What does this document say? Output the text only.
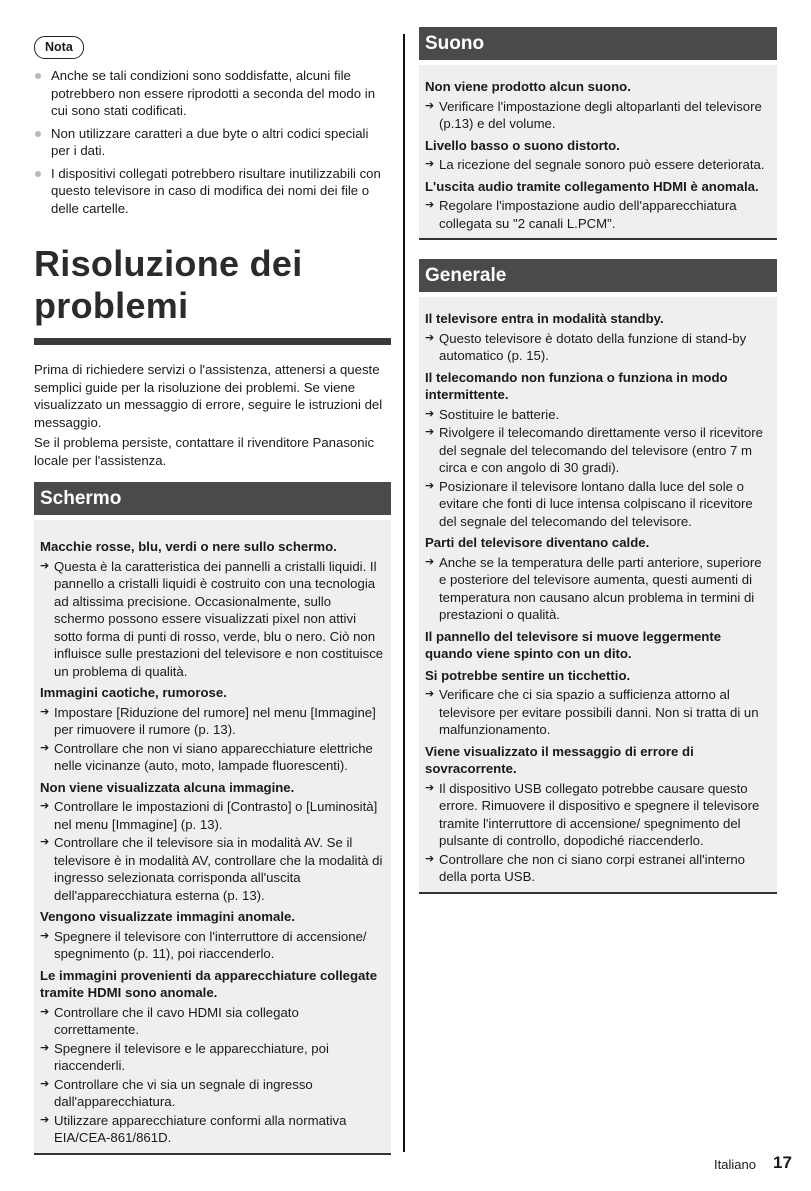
Nota
Anche se tali condizioni sono soddisfatte, alcuni file potrebbero non essere riprodotti a seconda del modo in cui sono stati codificati.
Non utilizzare caratteri a due byte o altri codici speciali per i dati.
I dispositivi collegati potrebbero risultare inutilizzabili con questo televisore in caso di modifica dei nomi dei file o delle cartelle.
Risoluzione dei
problemi

Prima di richiedere servizi o l'assistenza, attenersi a queste semplici guide per la risoluzione dei problemi. Se viene visualizzato un messaggio di errore, seguire le istruzioni del messaggio.

Se il problema persiste, contattare il rivenditore Panasonic locale per l'assistenza.

Schermo
Macchie rosse, blu, verdi o nere sullo schermo.
➔ Questa è la caratteristica dei pannelli a cristalli liquidi. Il pannello a cristalli liquidi è costruito con una tecnologia ad altissima precisione. Occasionalmente, sullo schermo possono essere visualizzati pixel non attivi sotto forma di punti di rosso, verde, blu o nero. Ciò non influisce sulle prestazioni del televisore e non costituisce un problema di qualità.
Immagini caotiche, rumorose.
➔ Impostare [Riduzione del rumore] nel menu [Immagine] per rimuovere il rumore (p. 13).
➔ Controllare che non vi siano apparecchiature elettriche nelle vicinanze (auto, moto, lampade fluorescenti).
Non viene visualizzata alcuna immagine.
➔ Controllare le impostazioni di [Contrasto] o [Luminosità] nel menu [Immagine] (p. 13).
➔ Controllare che il televisore sia in modalità AV. Se il televisore è in modalità AV, controllare che la modalità di ingresso selezionata corrisponda all'uscita dell'apparecchiatura esterna (p. 13).
Vengono visualizzate immagini anomale.
➔ Spegnere il televisore con l'interruttore di accensione/ spegnimento (p. 11), poi riaccenderlo.
Le immagini provenienti da apparecchiature collegate tramite HDMI sono anomale.
➔ Controllare che il cavo HDMI sia collegato correttamente.
➔ Spegnere il televisore e le apparecchiature, poi riaccenderli.
➔ Controllare che vi sia un segnale di ingresso dall'apparecchiatura.
➔ Utilizzare apparecchiature conformi alla normativa EIA/CEA-861/861D.
Suono
Non viene prodotto alcun suono.
➔ Verificare l'impostazione degli altoparlanti del televisore (p.13) e del volume.
Livello basso o suono distorto.
➔ La ricezione del segnale sonoro può essere deteriorata.
L'uscita audio tramite collegamento HDMI è anomala.
➔ Regolare l'impostazione audio dell'apparecchiatura collegata su "2 canali L.PCM".
Generale
Il televisore entra in modalità standby.
➔ Questo televisore è dotato della funzione di stand-by automatico (p. 15).
Il telecomando non funziona o funziona in modo intermittente.
➔ Sostituire le batterie.
➔ Rivolgere il telecomando direttamente verso il ricevitore del segnale del telecomando del televisore (entro 7 m circa e con angolo di 30 gradi).
➔ Posizionare il televisore lontano dalla luce del sole o evitare che fonti di luce intensa colpiscano il ricevitore del segnale del telecomando del televisore.
Parti del televisore diventano calde.
➔ Anche se la temperatura delle parti anteriore, superiore e posteriore del televisore aumenta, questi aumenti di temperatura non causano alcun problema in termini di prestazioni o qualità.
Il pannello del televisore si muove leggermente quando viene spinto con un dito.
Si potrebbe sentire un ticchettio.
➔ Verificare che ci sia spazio a sufficienza attorno al televisore per evitare possibili danni. Non si tratta di un malfunzionamento.
Viene visualizzato il messaggio di errore di sovracorrente.
➔ Il dispositivo USB collegato potrebbe causare questo errore. Rimuovere il dispositivo e spegnere il televisore tramite l'interruttore di accensione/ spegnimento del pulsante di controllo, dopodiché riaccenderlo.
➔ Controllare che non ci siano corpi estranei all'interno della porta USB.
Italiano 17
